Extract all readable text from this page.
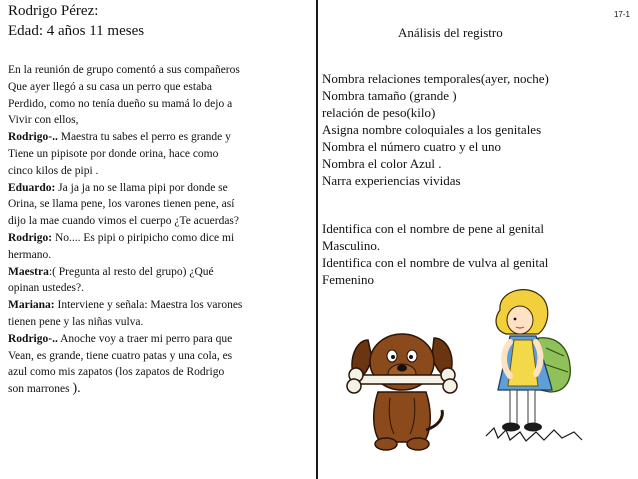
Rodrigo Pérez:
Edad: 4 años 11 meses
En la reunión de grupo comentó a sus compañeros
Que ayer llegó a su casa un perro que estaba
Perdido, como no tenía dueño su mamá lo dejo a
Vivir con ellos,
Rodrigo-.. Maestra tu sabes el perro es grande y
Tiene un pipisote por donde orina, hace como
cinco kilos de pipi .
Eduardo: Ja ja ja no se llama pipi por donde se
Orina, se llama pene, los varones tienen pene, así
dijo la mae cuando vimos el cuerpo ¿Te acuerdas?
Rodrigo: No.... Es pipi o piripicho como dice mi
hermano.
Maestra:( Pregunta al resto del grupo) ¿Qué
opinan ustedes?.
Mariana: Interviene y señala: Maestra los varones
tienen pene y las niñas vulva.
Rodrigo-.. Anoche voy a traer mi perro para que
Vean, es grande, tiene cuatro patas y una cola, es
azul como mis zapatos (los zapatos de Rodrigo
son marrones ).
17-1
Análisis del registro
Nombra relaciones temporales(ayer, noche)
Nombra tamaño (grande )
relación de peso(kilo)
Asigna nombre coloquiales a los genitales
Nombra el número cuatro y el uno
Nombra el color Azul .
Narra experiencias vividas
Identifica con el nombre de pene al genital
Masculino.
Identifica con el nombre de vulva al genital
Femenino
